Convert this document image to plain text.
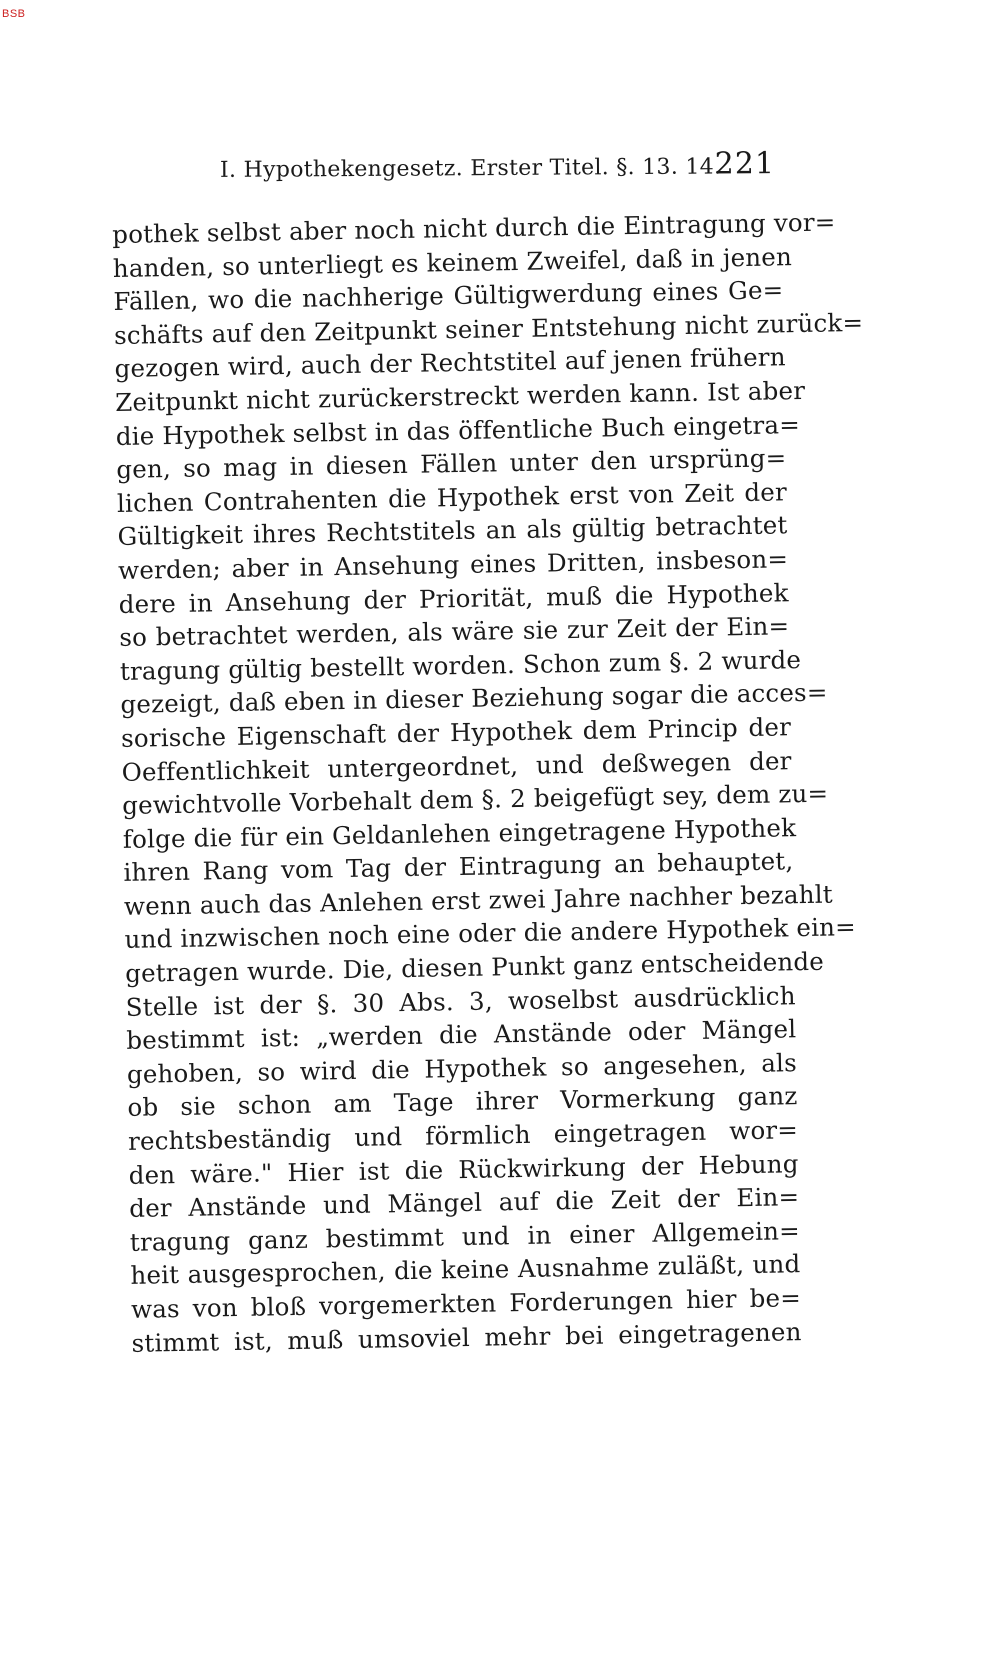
BSB
I. Hypothekengesetz. Erster Titel. §. 13. 14.
221
pothek selbst aber noch nicht durch die Eintragung vor=
handen, so unterliegt es keinem Zweifel, daß in jenen
Fällen, wo die nachherige Gültigwerdung eines Ge=
schäfts auf den Zeitpunkt seiner Entstehung nicht zurück=
gezogen wird, auch der Rechtstitel auf jenen frühern
Zeitpunkt nicht zurückerstreckt werden kann. Ist aber
die Hypothek selbst in das öffentliche Buch eingetra=
gen, so mag in diesen Fällen unter den ursprüng=
lichen Contrahenten die Hypothek erst von Zeit der
Gültigkeit ihres Rechtstitels an als gültig betrachtet
werden; aber in Ansehung eines Dritten, insbeson=
dere in Ansehung der Priorität, muß die Hypothek
so betrachtet werden, als wäre sie zur Zeit der Ein=
tragung gültig bestellt worden. Schon zum §. 2 wurde
gezeigt, daß eben in dieser Beziehung sogar die acces=
sorische Eigenschaft der Hypothek dem Princip der
Oeffentlichkeit untergeordnet, und deßwegen der
gewichtvolle Vorbehalt dem §. 2 beigefügt sey, dem zu=
folge die für ein Geldanlehen eingetragene Hypothek
ihren Rang vom Tag der Eintragung an behauptet,
wenn auch das Anlehen erst zwei Jahre nachher bezahlt
und inzwischen noch eine oder die andere Hypothek ein=
getragen wurde. Die, diesen Punkt ganz entscheidende
Stelle ist der §. 30 Abs. 3, woselbst ausdrücklich
bestimmt ist: „werden die Anstände oder Mängel
gehoben, so wird die Hypothek so angesehen, als
ob sie schon am Tage ihrer Vormerkung ganz
rechtsbeständig und förmlich eingetragen wor=
den wäre." Hier ist die Rückwirkung der Hebung
der Anstände und Mängel auf die Zeit der Ein=
tragung ganz bestimmt und in einer Allgemein=
heit ausgesprochen, die keine Ausnahme zuläßt, und
was von bloß vorgemerkten Forderungen hier be=
stimmt ist, muß umsoviel mehr bei eingetragenen
